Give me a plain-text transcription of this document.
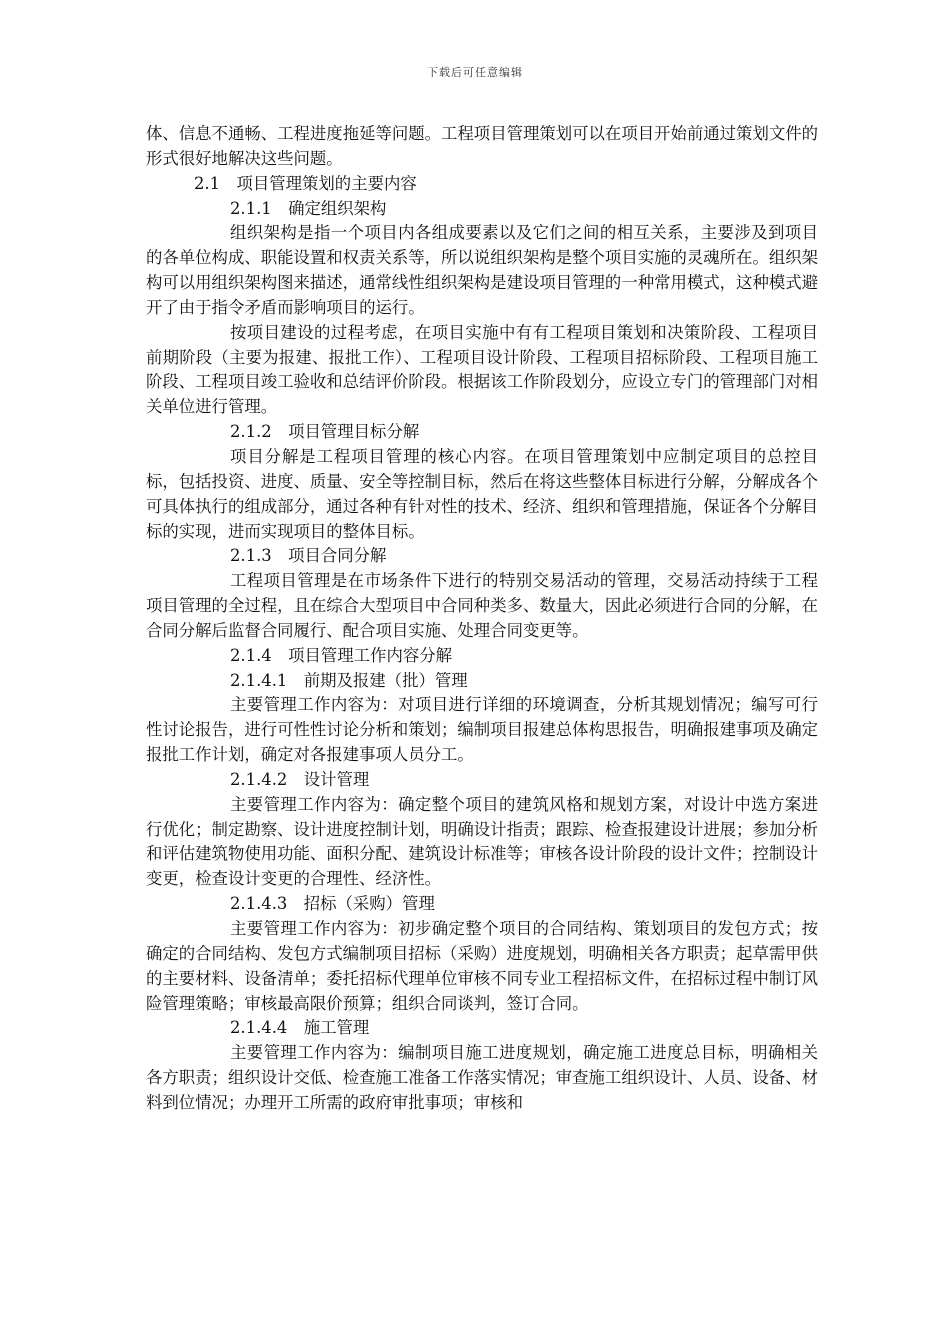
下载后可任意编辑

体、信息不通畅、工程进度拖延等问题。工程项目管理策划可以在项目开始前通过策划文件的形式很好地解决这些问题。

2.1　项目管理策划的主要内容

2.1.1　确定组织架构

组织架构是指一个项目内各组成要素以及它们之间的相互关系，主要涉及到项目的各单位构成、职能设置和权责关系等，所以说组织架构是整个项目实施的灵魂所在。组织架构可以用组织架构图来描述，通常线性组织架构是建设项目管理的一种常用模式，这种模式避开了由于指令矛盾而影响项目的运行。

按项目建设的过程考虑，在项目实施中有有工程项目策划和决策阶段、工程项目前期阶段（主要为报建、报批工作）、工程项目设计阶段、工程项目招标阶段、工程项目施工阶段、工程项目竣工验收和总结评价阶段。根据该工作阶段划分，应设立专门的管理部门对相关单位进行管理。

2.1.2　项目管理目标分解

项目分解是工程项目管理的核心内容。在项目管理策划中应制定项目的总控目标，包括投资、进度、质量、安全等控制目标，然后在将这些整体目标进行分解，分解成各个可具体执行的组成部分，通过各种有针对性的技术、经济、组织和管理措施，保证各个分解目标的实现，进而实现项目的整体目标。

2.1.3　项目合同分解

工程项目管理是在市场条件下进行的特别交易活动的管理，交易活动持续于工程项目管理的全过程，且在综合大型项目中合同种类多、数量大，因此必须进行合同的分解，在合同分解后监督合同履行、配合项目实施、处理合同变更等。

2.1.4　项目管理工作内容分解

2.1.4.1　前期及报建（批）管理

主要管理工作内容为：对项目进行详细的环境调查，分析其规划情况；编写可行性讨论报告，进行可性性讨论分析和策划；编制项目报建总体构思报告，明确报建事项及确定报批工作计划，确定对各报建事项人员分工。

2.1.4.2　设计管理

主要管理工作内容为：确定整个项目的建筑风格和规划方案，对设计中选方案进行优化；制定勘察、设计进度控制计划，明确设计指责；跟踪、检查报建设计进展；参加分析和评估建筑物使用功能、面积分配、建筑设计标准等；审核各设计阶段的设计文件；控制设计变更，检查设计变更的合理性、经济性。

2.1.4.3　招标（采购）管理

主要管理工作内容为：初步确定整个项目的合同结构、策划项目的发包方式；按确定的合同结构、发包方式编制项目招标（采购）进度规划，明确相关各方职责；起草需甲供的主要材料、设备清单；委托招标代理单位审核不同专业工程招标文件，在招标过程中制订风险管理策略；审核最高限价预算；组织合同谈判，签订合同。

2.1.4.4　施工管理

主要管理工作内容为：编制项目施工进度规划，确定施工进度总目标，明确相关各方职责；组织设计交低、检查施工准备工作落实情况；审查施工组织设计、人员、设备、材料到位情况；办理开工所需的政府审批事项；审核和
